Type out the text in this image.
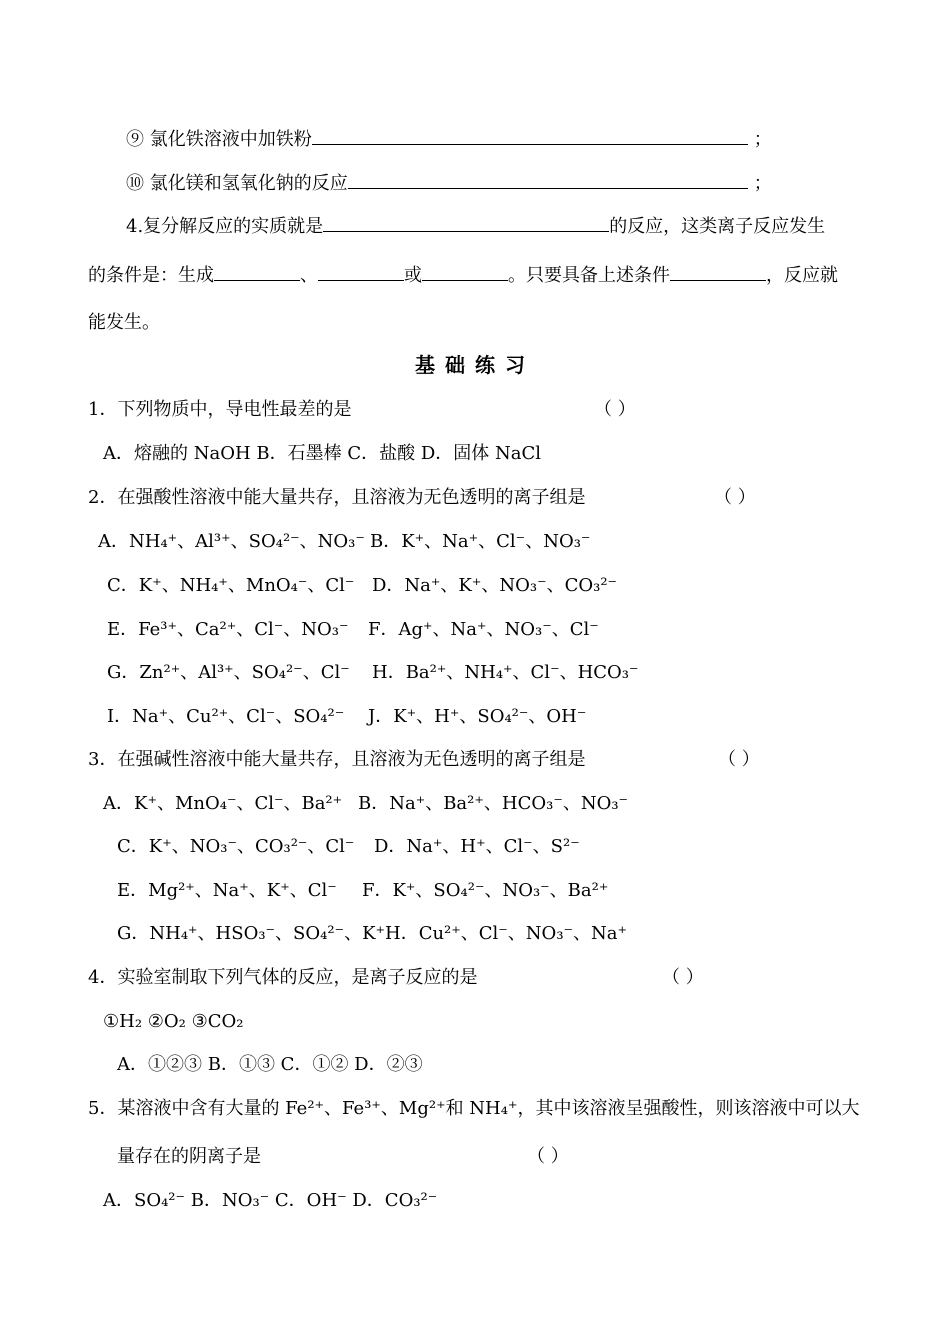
⑨ 氯化铁溶液中加铁粉	；
⑩ 氯化镁和氢氧化钠的反应	；
4.复分解反应的实质就是	的反应，这类离子反应发生
的条件是：生成	、	或	。只要具备上述条件	，反应就
能发生。
基础练习
1．下列物质中，导电性最差的是	（ ）
A．熔融的 NaOH B．石墨棒 C．盐酸 D．固体 NaCl
2．在强酸性溶液中能大量共存，且溶液为无色透明的离子组是	（ ）
A．NH₄⁺、Al³⁺、SO₄²⁻、NO₃⁻ B．K⁺、Na⁺、Cl⁻、NO₃⁻
C．K⁺、NH₄⁺、MnO₄⁻、Cl⁻ D．Na⁺、K⁺、NO₃⁻、CO₃²⁻
E．Fe³⁺、Ca²⁺、Cl⁻、NO₃⁻ F．Ag⁺、Na⁺、NO₃⁻、Cl⁻
G．Zn²⁺、Al³⁺、SO₄²⁻、Cl⁻ H．Ba²⁺、NH₄⁺、Cl⁻、HCO₃⁻
I．Na⁺、Cu²⁺、Cl⁻、SO₄²⁻ J．K⁺、H⁺、SO₄²⁻、OH⁻
3．在强碱性溶液中能大量共存，且溶液为无色透明的离子组是	（ ）
A．K⁺、MnO₄⁻、Cl⁻、Ba²⁺ B．Na⁺、Ba²⁺、HCO₃⁻、NO₃⁻
C．K⁺、NO₃⁻、CO₃²⁻、Cl⁻ D．Na⁺、H⁺、Cl⁻、S²⁻
E．Mg²⁺、Na⁺、K⁺、Cl⁻ F．K⁺、SO₄²⁻、NO₃⁻、Ba²⁺
G．NH₄⁺、HSO₃⁻、SO₄²⁻、K⁺ H．Cu²⁺、Cl⁻、NO₃⁻、Na⁺
4．实验室制取下列气体的反应，是离子反应的是	（ ）
①H₂ ②O₂ ③CO₂
A．①②③ B．①③ C．①② D．②③
5．某溶液中含有大量的 Fe²⁺、Fe³⁺、Mg²⁺和 NH₄⁺，其中该溶液呈强酸性，则该溶液中可以大
量存在的阴离子是	（ ）
A．SO₄²⁻ B．NO₃⁻ C．OH⁻ D．CO₃²⁻
